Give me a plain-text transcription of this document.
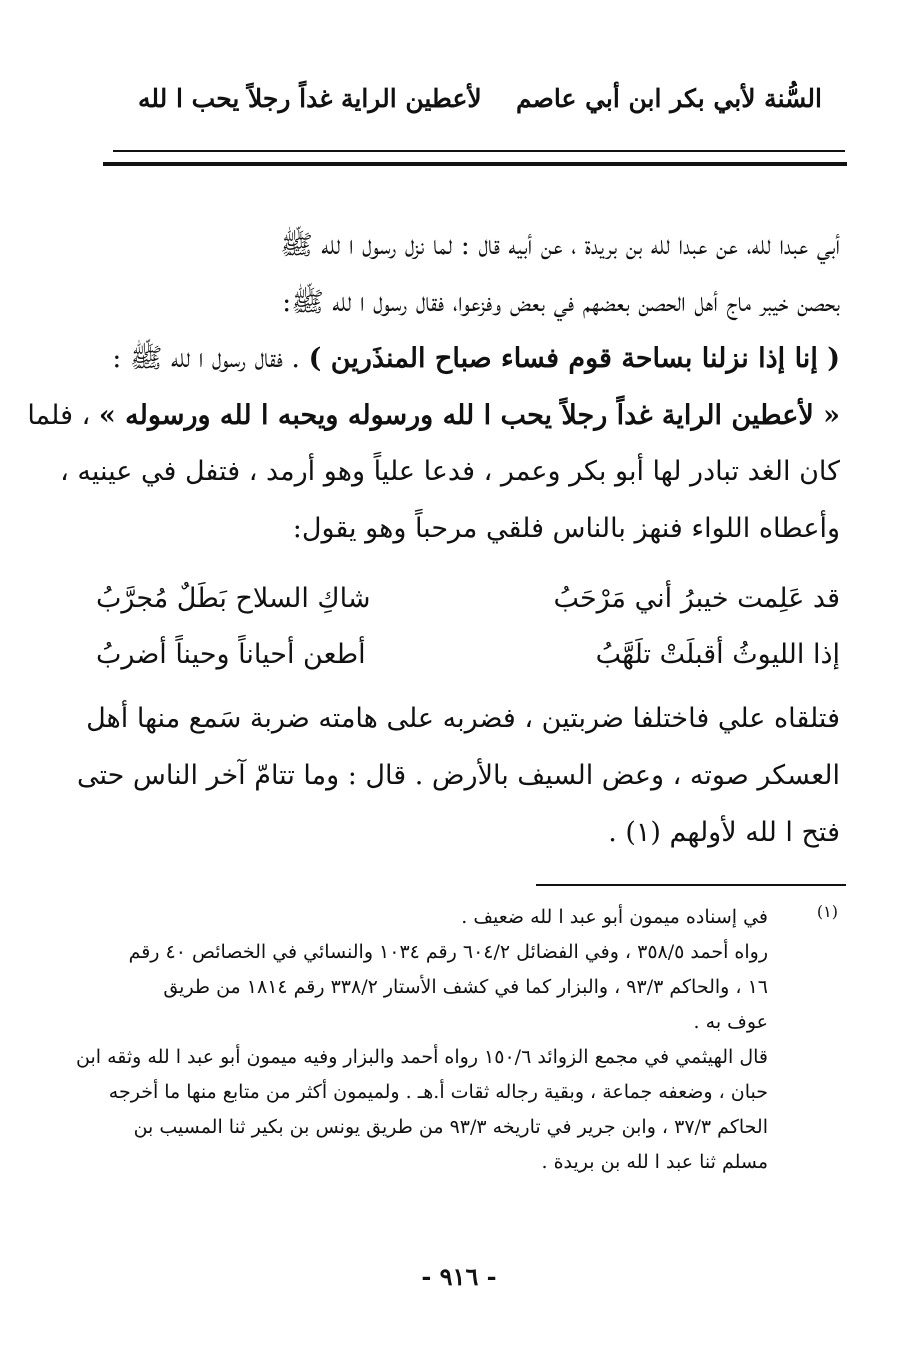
السُّنة لأبي بكر ابن أبي عاصم
لأعطين الراية غداً رجلاً يحب ا لله
أبي عبدا لله، عن عبدا لله بن بريدة ، عن أبيه قال : لما نزل رسول ا لله ﷺ
بحصن خيبر ماج أهل الحصن بعضهم في بعض وفزعوا، فقال رسول ا لله ﷺ:
( إنا إذا نزلنا بساحة قوم فساء صباح المنذَرين ) . فقال رسول ا لله ﷺ :
« لأعطين الراية غداً رجلاً يحب ا لله ورسوله ويحبه ا لله ورسوله » ، فلما
كان الغد تبادر لها أبو بكر وعمر ، فدعا علياً وهو أرمد ، فتفل في عينيه ،
وأعطاه اللواء فنهز بالناس فلقي مرحباً وهو يقول:
قد عَلِمت خيبرُ أني مَرْحَبُ
شاكِ السلاح بَطَلٌ مُجرَّبُ
إذا الليوثُ أقبلَتْ تلَهَّبُ
أطعن أحياناً وحيناً أضربُ
فتلقاه علي فاختلفا ضربتين ، فضربه على هامته ضربة سَمع منها أهل
العسكر صوته ، وعض السيف بالأرض . قال : وما تتامّ آخر الناس حتى
فتح ا لله لأولهم (١) .
(١)
في إسناده ميمون أبو عبد ا لله ضعيف .
رواه أحمد ٣٥٨/٥ ، وفي الفضائل ٦٠٤/٢ رقم ١٠٣٤ والنسائي في الخصائص ٤٠ رقم
١٦ ، والحاكم ٩٣/٣ ، والبزار كما في كشف الأستار ٣٣٨/٢ رقم ١٨١٤ من طريق
عوف به .
قال الهيثمي في مجمع الزوائد ١٥٠/٦ رواه أحمد والبزار وفيه ميمون أبو عبد ا لله وثقه ابن
حبان ، وضعفه جماعة ، وبقية رجاله ثقات أ.هـ . ولميمون أكثر من متابع منها ما أخرجه
الحاكم ٣٧/٣ ، وابن جرير في تاريخه ٩٣/٣ من طريق يونس بن بكير ثنا المسيب بن
مسلم ثنا عبد ا لله بن بريدة .
- ٩١٦ -
